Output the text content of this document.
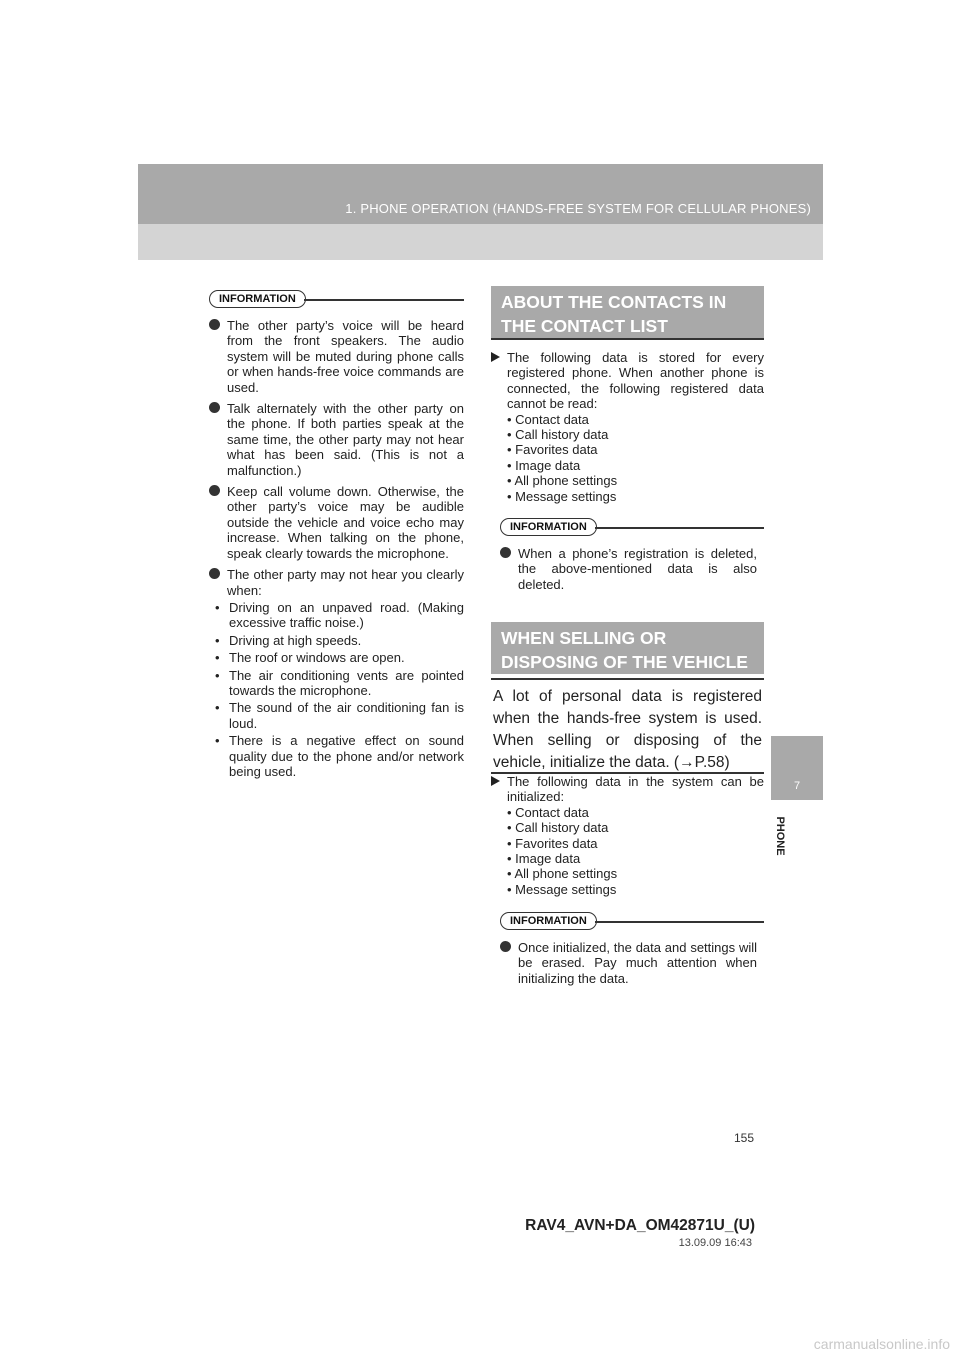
1. PHONE OPERATION (HANDS-FREE SYSTEM FOR CELLULAR PHONES)
7
PHONE
INFORMATION
The other party’s voice will be heard from the front speakers. The audio system will be muted during phone calls or when hands-free voice commands are used.
Talk alternately with the other party on the phone. If both parties speak at the same time, the other party may not hear what has been said. (This is not a malfunction.)
Keep call volume down. Otherwise, the other party’s voice may be audible outside the vehicle and voice echo may increase. When talking on the phone, speak clearly towards the microphone.
The other party may not hear you clearly when:
• Driving on an unpaved road. (Making excessive traffic noise.)
• Driving at high speeds.
• The roof or windows are open.
• The air conditioning vents are pointed towards the microphone.
• The sound of the air conditioning fan is loud.
• There is a negative effect on sound quality due to the phone and/or network being used.
ABOUT THE CONTACTS IN
THE CONTACT LIST
The following data is stored for every registered phone. When another phone is connected, the following registered data cannot be read:
• Contact data
• Call history data
• Favorites data
• Image data
• All phone settings
• Message settings
INFORMATION
When a phone’s registration is deleted, the above-mentioned data is also deleted.
WHEN SELLING OR
DISPOSING OF THE VEHICLE
A lot of personal data is registered when the hands-free system is used. When selling or disposing of the vehicle, initialize the data. (→P.58)
The following data in the system can be initialized:
• Contact data
• Call history data
• Favorites data
• Image data
• All phone settings
• Message settings
INFORMATION
Once initialized, the data and settings will be erased. Pay much attention when initializing the data.
155
RAV4_AVN+DA_OM42871U_(U)
13.09.09 16:43
carmanualsonline.info
